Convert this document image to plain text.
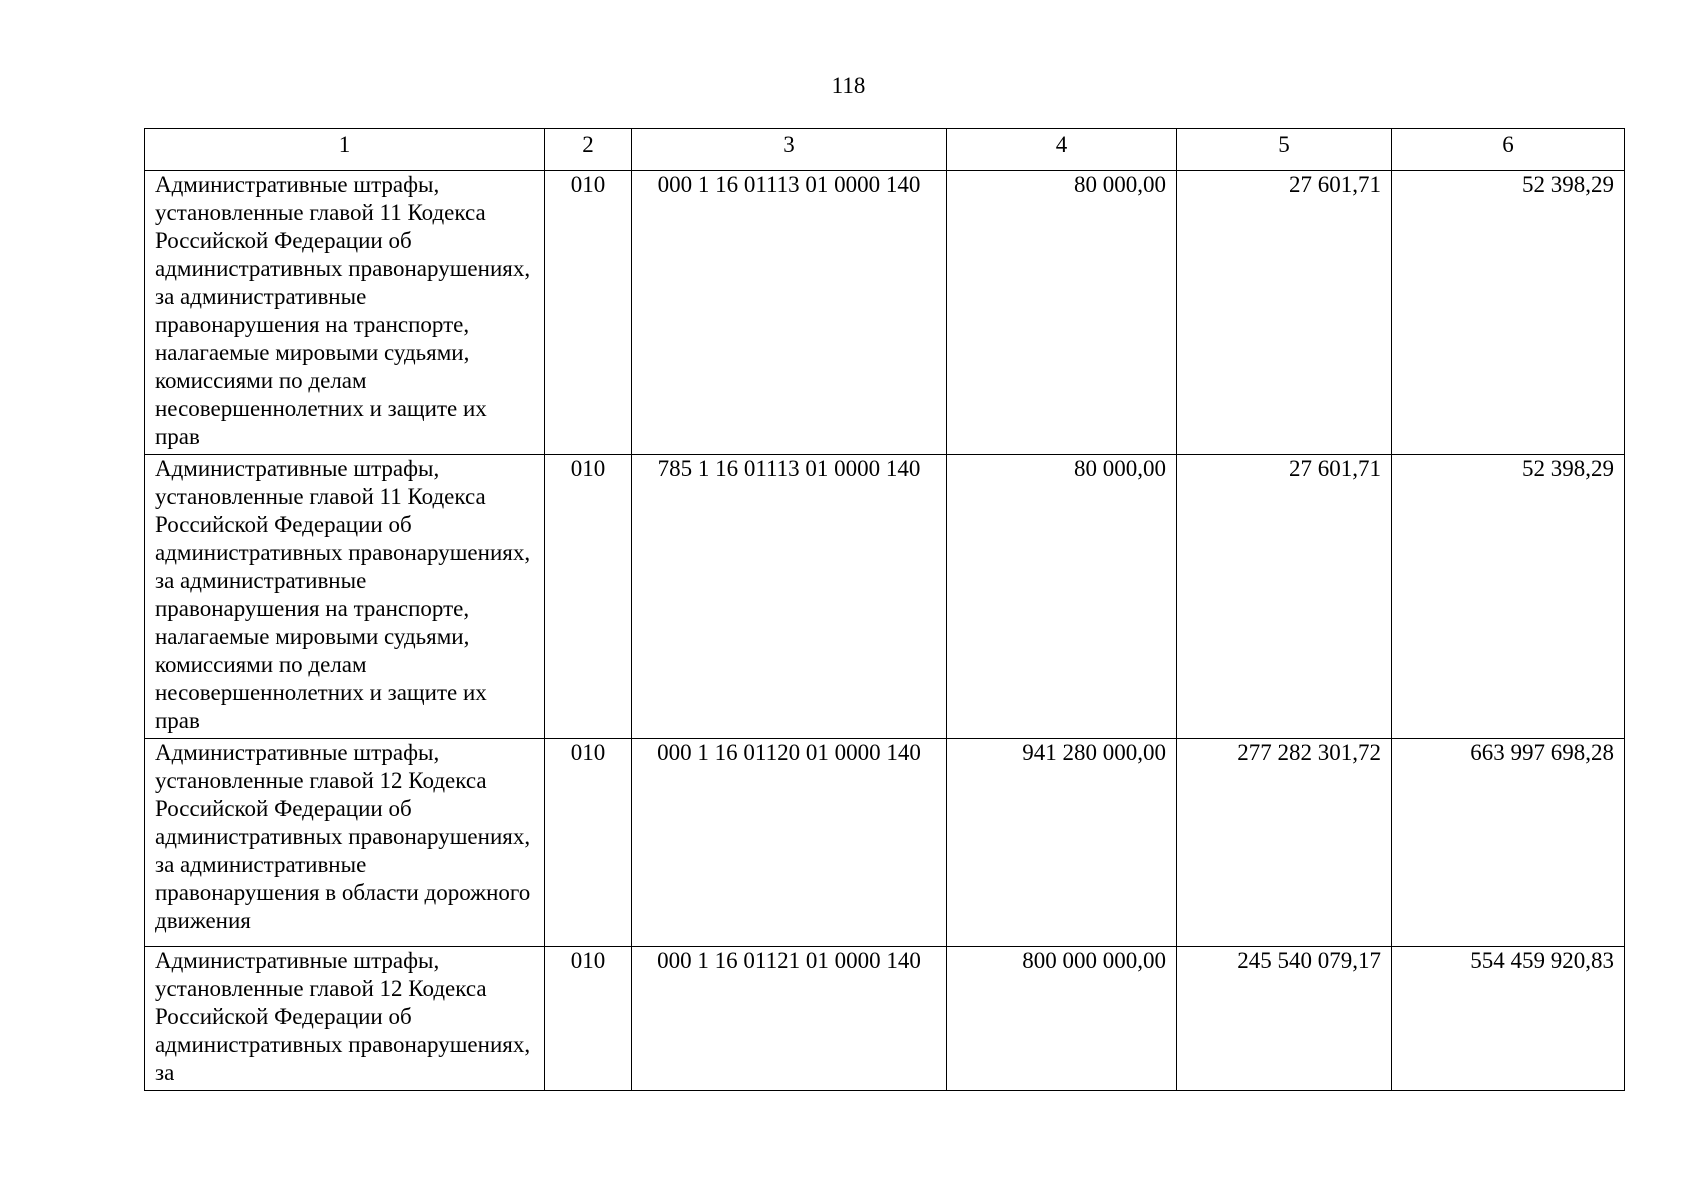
118
1	2	3	4	5	6
Административные штрафы, установленные главой 11 Кодекса Российской Федерации об административных правонарушениях, за административные правонарушения на транспорте, налагаемые мировыми судьями, комиссиями по делам несовершеннолетних и защите их прав	010	000 1 16 01113 01 0000 140	80 000,00	27 601,71	52 398,29
Административные штрафы, установленные главой 11 Кодекса Российской Федерации об административных правонарушениях, за административные правонарушения на транспорте, налагаемые мировыми судьями, комиссиями по делам несовершеннолетних и защите их прав	010	785 1 16 01113 01 0000 140	80 000,00	27 601,71	52 398,29
Административные штрафы, установленные главой 12 Кодекса Российской Федерации об административных правонарушениях, за административные правонарушения в области дорожного движения	010	000 1 16 01120 01 0000 140	941 280 000,00	277 282 301,72	663 997 698,28
Административные штрафы, установленные главой 12 Кодекса Российской Федерации об административных правонарушениях, за	010	000 1 16 01121 01 0000 140	800 000 000,00	245 540 079,17	554 459 920,83
